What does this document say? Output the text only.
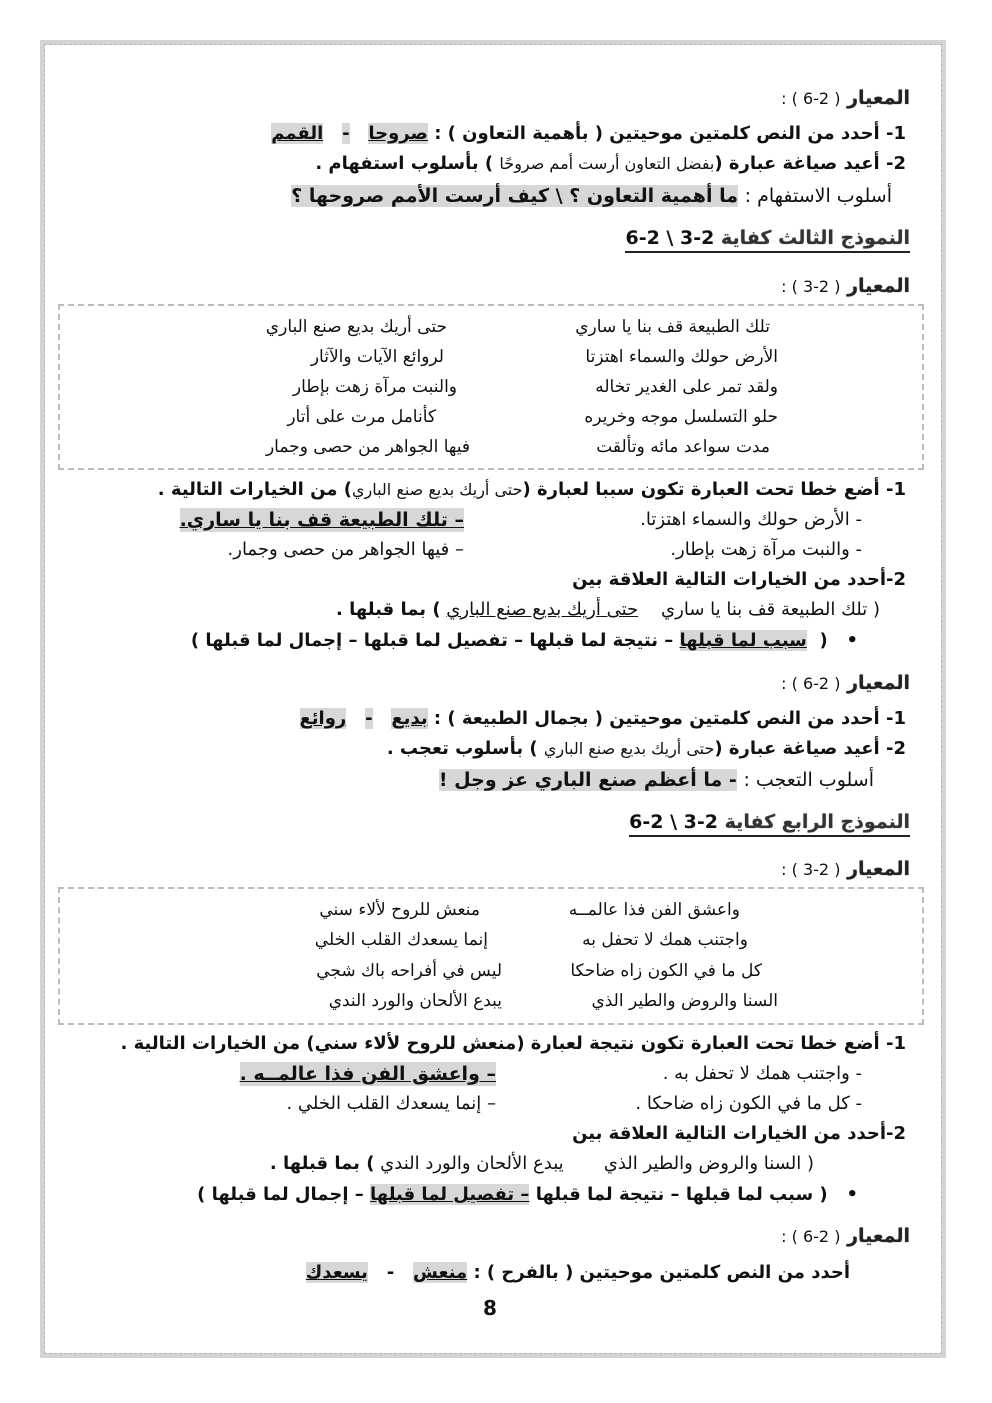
المعيار ( 2-6 ) :
1- أحدد من النص كلمتين موحيتين ( بأهمية التعاون ) : صروحا   -   القمم
2- أعيد صياغة عبارة (بفضل التعاون أرست أمم صروحًا ) بأسلوب استفهام .
أسلوب الاستفهام : ما أهمية التعاون ؟ \ كيف أرست الأمم صروحها ؟
النموذج الثالث كفاية 2-3 \ 2-6
المعيار ( 2-3 ) :
تلك الطبيعة قف بنا يا ساري
حتى أريك بديع صنع الباري
الأرض حولك والسماء اهتزتا
لروائع الآيات والآثار
ولقد تمر على الغدير تخاله
والنبت مرآة زهت بإطار
حلو التسلسل موجه وخريره
كأنامل مرت على أتار
مدت سواعد مائه وتألقت
فيها الجواهر من حصى وجمار
1- أضع خطا تحت العبارة تكون سببا لعبارة (حتى أريك بديع صنع الباري) من الخيارات التالية .
- الأرض حولك والسماء اهتزتا.
– تلك الطبيعة قف بنا يا ساري.
- والنبت مرآة زهت بإطار.
– فيها الجواهر من حصى وجمار.
2-أحدد من الخيارات التالية العلاقة بين
( تلك الطبيعة قف بنا يا ساري    حتى أريك بديع صنع الباري ) بما قبلها .
•   (  سبب لما قبلها – نتيجة لما قبلها – تفصيل لما قبلها – إجمال لما قبلها )
المعيار ( 2-6 ) :
1- أحدد من النص كلمتين موحيتين ( بجمال الطبيعة ) : بديع   -   روائع
2- أعيد صياغة عبارة (حتى أريك بديع صنع الباري ) بأسلوب تعجب .
أسلوب التعجب : - ما أعظم صنع الباري عز وجل !
النموذج الرابع كفاية 2-3 \ 2-6
المعيار ( 2-3 ) :
واعشق الفن فذا عالمــه
منعش للروح لألاء سني
واجتنب همك لا تحفل به
إنما يسعدك القلب الخلي
كل ما في الكون زاه ضاحكا
ليس في أفراحه باك شجي
السنا والروض والطير الذي
يبدع الألحان والورد الندي
1- أضع خطا تحت العبارة تكون نتيجة لعبارة (منعش للروح لألاء سني) من الخيارات التالية .
- واجتنب همك لا تحفل به .
– واعشق الفن فذا عالمــه .
- كل ما في الكون زاه ضاحكا .
– إنما يسعدك القلب الخلي .
2-أحدد من الخيارات التالية العلاقة بين
( السنا والروض والطير الذي       يبدع الألحان والورد الندي ) بما قبلها .
•   ( سبب لما قبلها – نتيجة لما قبلها – تفصيل لما قبلها – إجمال لما قبلها )
المعيار ( 2-6 ) :
أحدد من النص كلمتين موحيتين ( بالفرح ) : منعش   -   يسعدك
8
